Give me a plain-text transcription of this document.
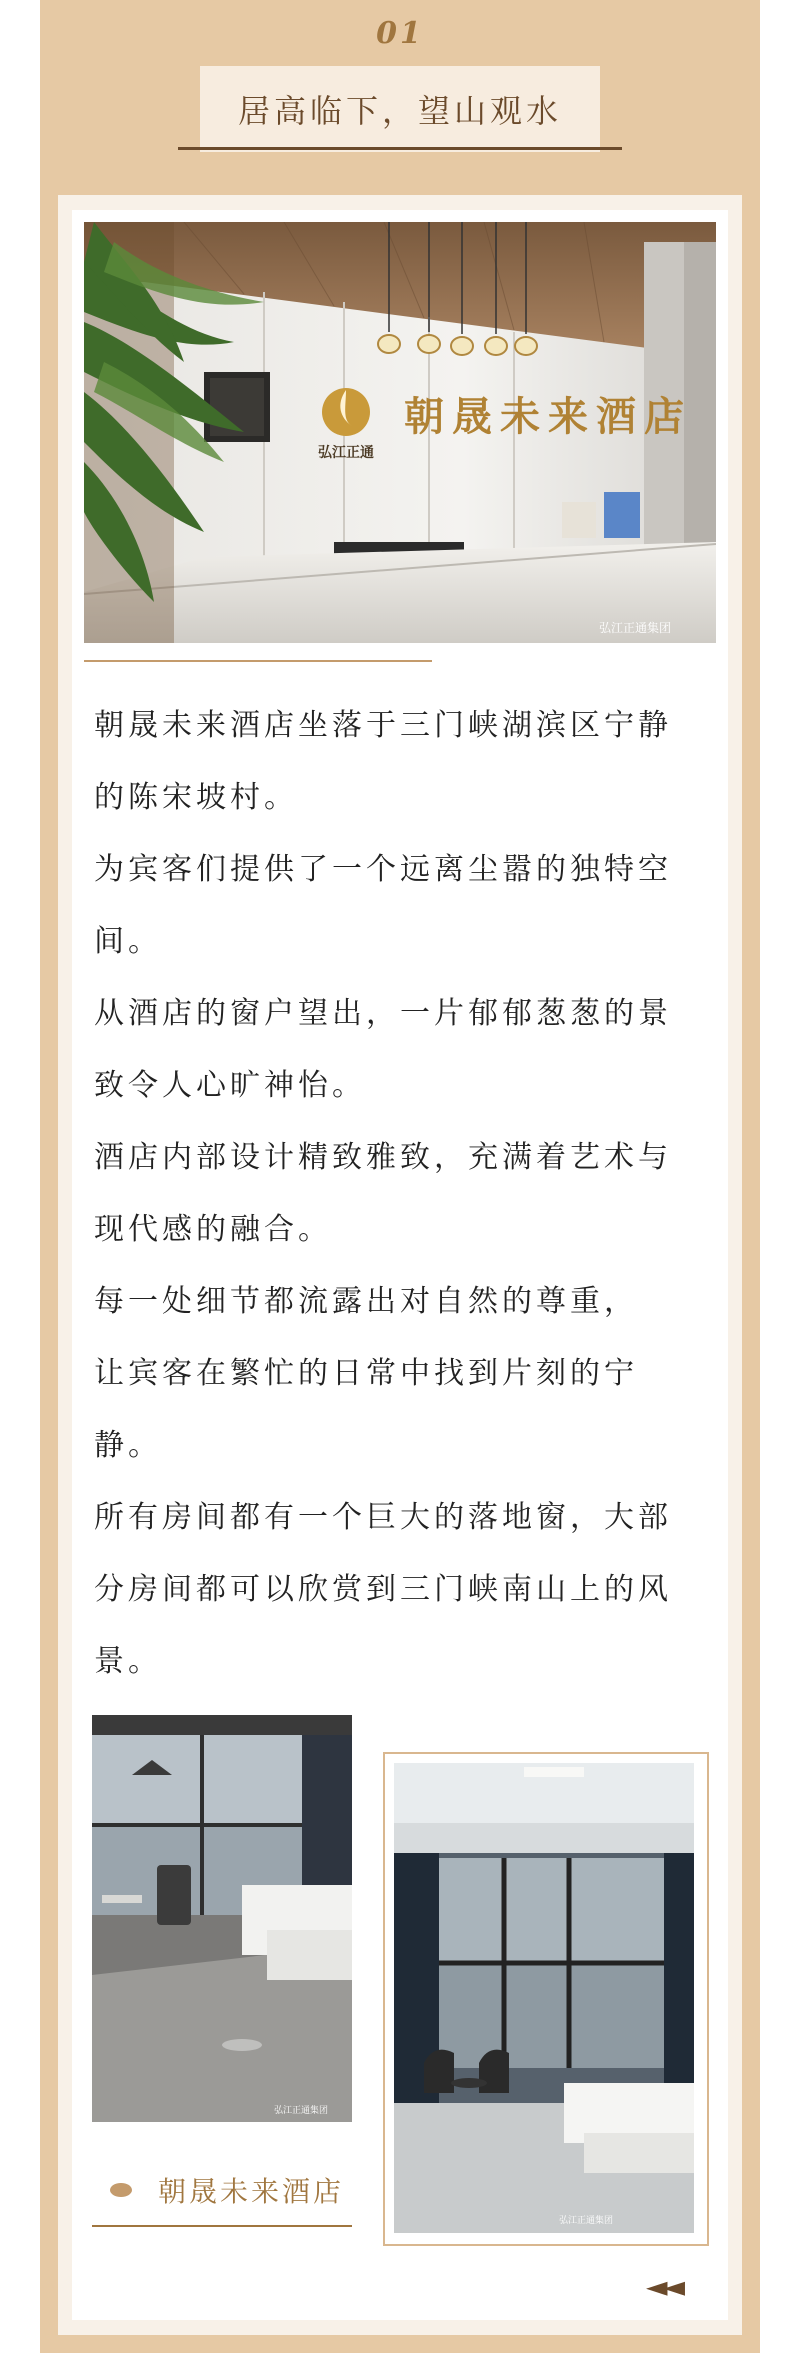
01
居高临下，望山观水
弘江正通
朝晟未来酒店
弘江正通集团

朝晟未来酒店坐落于三门峡湖滨区宁静的陈宋坡村。

为宾客们提供了一个远离尘嚣的独特空间。

从酒店的窗户望出，一片郁郁葱葱的景致令人心旷神怡。

酒店内部设计精致雅致，充满着艺术与现代感的融合。

每一处细节都流露出对自然的尊重，

让宾客在繁忙的日常中找到片刻的宁静。

所有房间都有一个巨大的落地窗，大部分房间都可以欣赏到三门峡南山上的风景。

弘江正通集团
弘江正通集团
朝晟未来酒店
◄◄
